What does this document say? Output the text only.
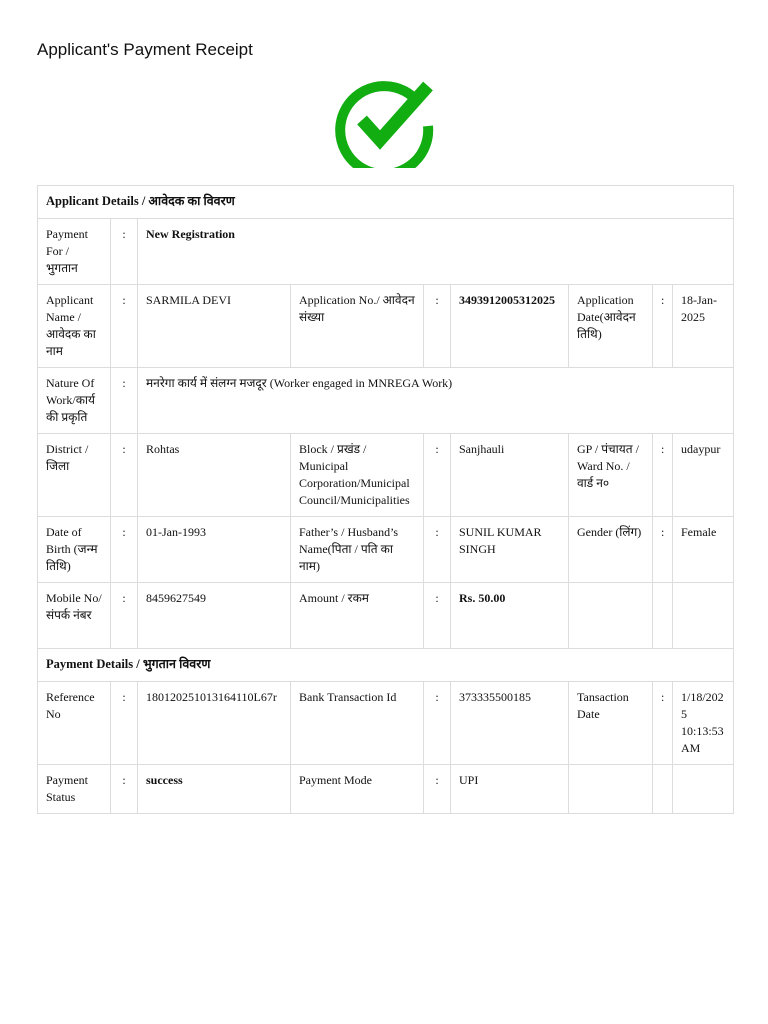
Applicant's Payment Receipt
Applicant Details / आवेदक का विवरण								
Payment For / भुगतान	:	New Registration						
Applicant Name / आवेदक का नाम	:	SARMILA DEVI	Application No./ आवेदन संख्या	:	3493912005312025	Application Date(आवेदन तिथि)	:	18-Jan-2025
Nature Of Work/कार्य की प्रकृति	:	मनरेगा कार्य में संलग्न मजदूर (Worker engaged in MNREGA Work)						
District / जिला	:	Rohtas	Block / प्रखंड / Municipal Corporation/Municipal Council/Municipalities	:	Sanjhauli	GP / पंचायत / Ward No. / वार्ड न०	:	udaypur
Date of Birth (जन्म तिथि)	:	01-Jan-1993	Father’s / Husband’s Name(पिता / पति का नाम)	:	SUNIL KUMAR SINGH	Gender (लिंग)	:	Female
Mobile No/संपर्क नंबर	:	8459627549	Amount / रकम	:	Rs. 50.00			
Payment Details / भुगतान विवरण								
Reference No	:	180120251013164110L67r	Bank Transaction Id	:	373335500185	Tansaction Date	:	1/18/2025 10:13:53 AM
Payment Status	:	success	Payment Mode	:	UPI			
